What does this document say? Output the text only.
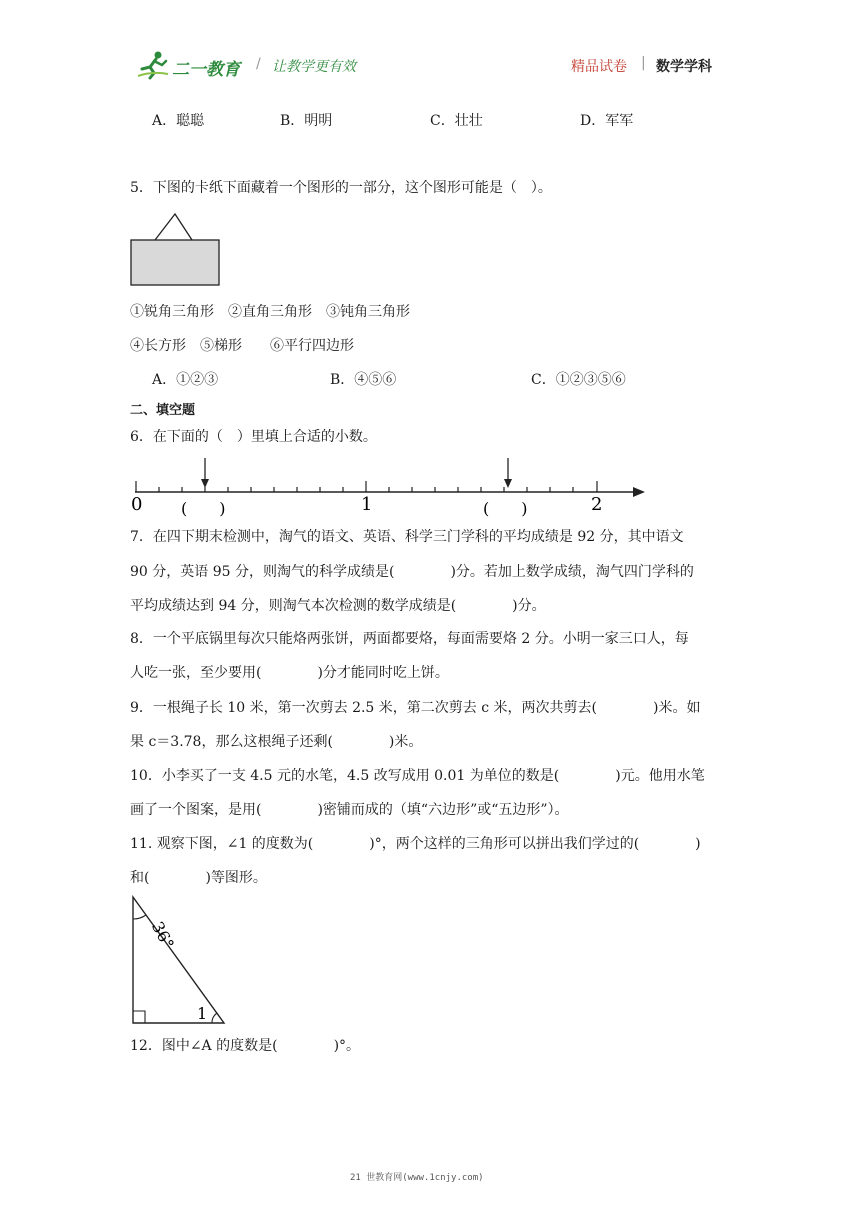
二一教育 / 让教学更有效	精品试卷 | 数学学科
A．聪聪	B．明明	C．壮壮	D．军军
5．下图的卡纸下面藏着一个图形的一部分，这个图形可能是（　）。
①锐角三角形　②直角三角形　③钝角三角形
④长方形　⑤梯形　　⑥平行四边形
A．①②③	B．④⑤⑥	C．①②③⑤⑥
二、填空题
6．在下面的（　）里填上合适的小数。
0	1	2
(　　)	(　　)
7．在四下期末检测中，淘气的语文、英语、科学三门学科的平均成绩是 92 分，其中语文
90 分，英语 95 分，则淘气的科学成绩是(　　　　)分。若加上数学成绩，淘气四门学科的
平均成绩达到 94 分，则淘气本次检测的数学成绩是(　　　　)分。
8．一个平底锅里每次只能烙两张饼，两面都要烙，每面需要烙 2 分。小明一家三口人，每
人吃一张，至少要用(　　　　)分才能同时吃上饼。
9．一根绳子长 10 米，第一次剪去 2.5 米，第二次剪去 c 米，两次共剪去(　　　　)米。如
果 c＝3.78，那么这根绳子还剩(　　　　)米。
10．小李买了一支 4.5 元的水笔，4.5 改写成用 0.01 为单位的数是(　　　　)元。他用水笔
画了一个图案，是用(　　　　)密铺而成的（填“六边形”或“五边形”）。
11. 观察下图，∠1 的度数为(　　　　)°，两个这样的三角形可以拼出我们学过的(　　　　)
和(　　　　)等图形。
36°
1
12．图中∠A 的度数是(　　　　)°。
21 世教育网(www.1cnjy.com)
